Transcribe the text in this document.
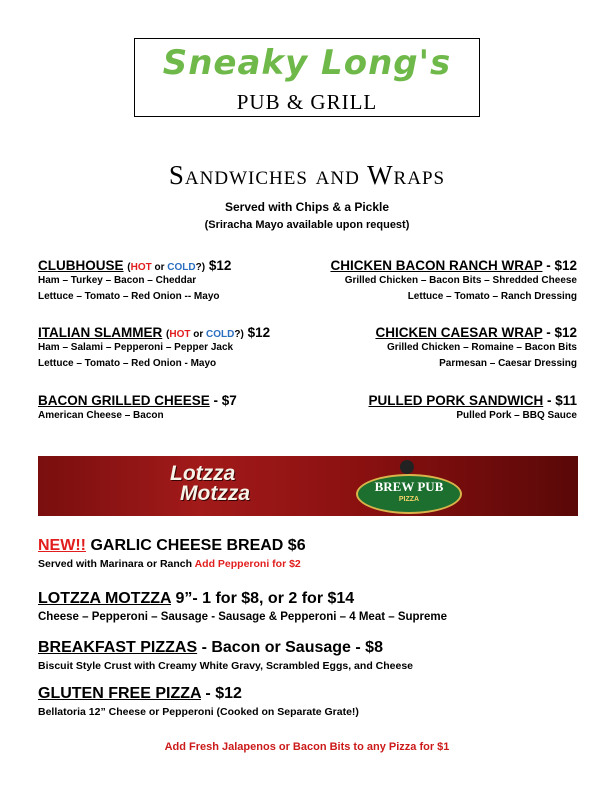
Sneaky Long's
PUB & GRILL
Sandwiches and Wraps
Served with Chips & a Pickle
(Sriracha Mayo available upon request)
CLUBHOUSE (HOT or COLD?) $12
Ham – Turkey – Bacon – Cheddar
Lettuce – Tomato – Red Onion -- Mayo
CHICKEN BACON RANCH WRAP - $12
Grilled Chicken – Bacon Bits – Shredded Cheese
Lettuce – Tomato – Ranch Dressing
ITALIAN SLAMMER (HOT or COLD?) $12
Ham – Salami – Pepperoni – Pepper Jack
Lettuce – Tomato – Red Onion - Mayo
CHICKEN CAESAR WRAP - $12
Grilled Chicken – Romaine – Bacon Bits
Parmesan – Caesar Dressing
BACON GRILLED CHEESE - $7
American Cheese – Bacon
PULLED PORK SANDWICH - $11
Pulled Pork – BBQ Sauce
Lotzza
Motzza	BREW PUB
PIZZA
NEW!! GARLIC CHEESE BREAD $6
Served with Marinara or Ranch Add Pepperoni for $2
LOTZZA MOTZZA 9”- 1 for $8, or 2 for $14
Cheese – Pepperoni – Sausage - Sausage & Pepperoni – 4 Meat – Supreme
BREAKFAST PIZZAS - Bacon or Sausage - $8
Biscuit Style Crust with Creamy White Gravy, Scrambled Eggs, and Cheese
GLUTEN FREE PIZZA - $12
Bellatoria 12” Cheese or Pepperoni (Cooked on Separate Grate!)
Add Fresh Jalapenos or Bacon Bits to any Pizza for $1
